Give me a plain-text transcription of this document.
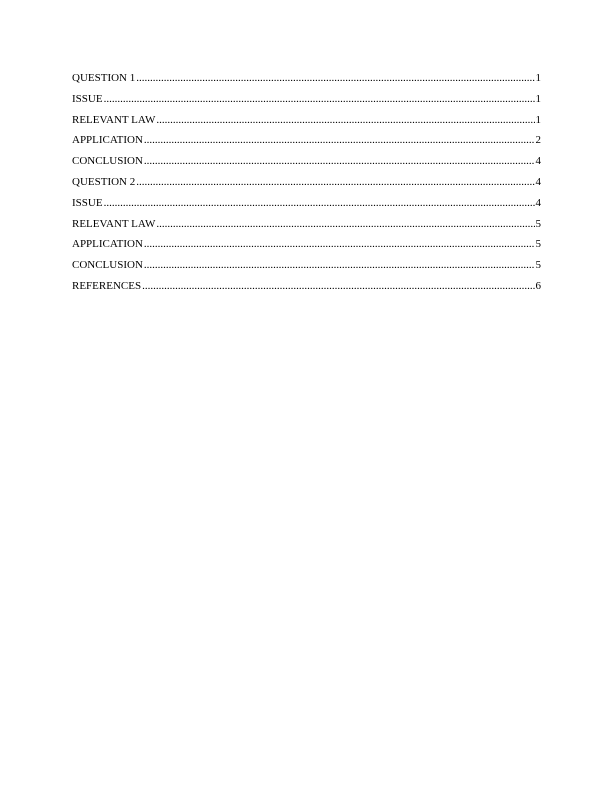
QUESTION 1 .....	1
ISSUE .....	1
RELEVANT LAW .....	1
APPLICATION .....	2
CONCLUSION .....	4
QUESTION 2 .....	4
ISSUE .....	4
RELEVANT LAW .....	5
APPLICATION .....	5
CONCLUSION .....	5
REFERENCES .....	6
